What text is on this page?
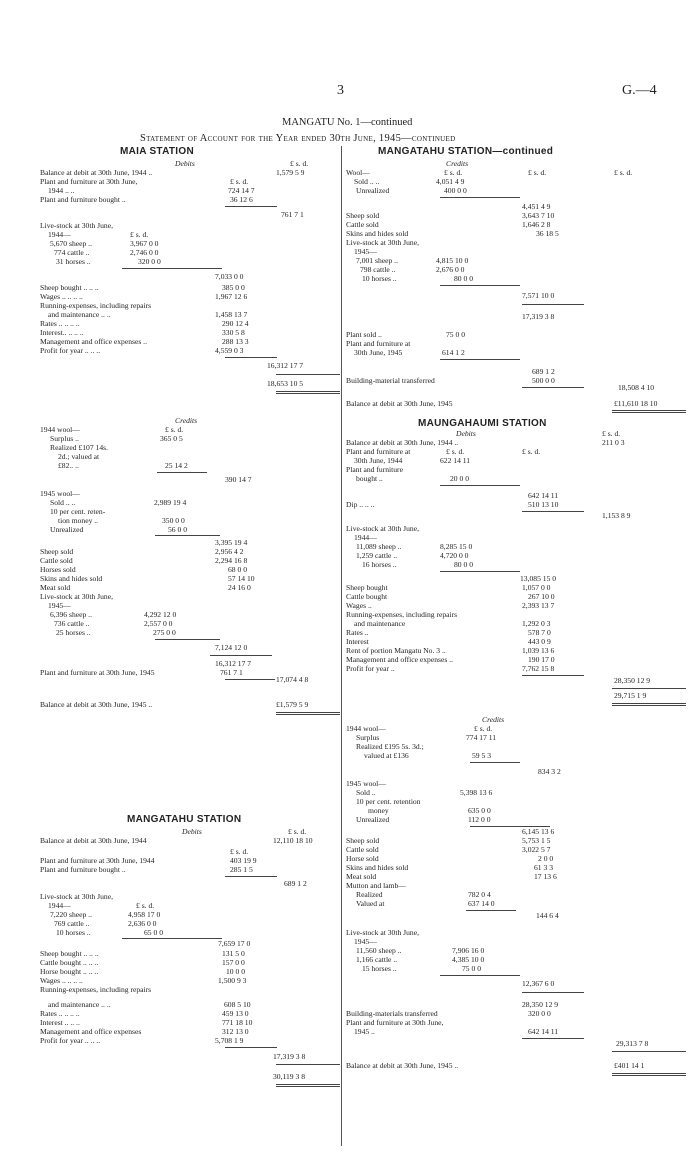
3	G.—4
MANGATU No. 1—continued
Statement of Account for the Year ended 30th June, 1945—continued
MAIA STATION	MANGATAHU STATION—continued
MAUNGAHAUMI STATION
MANGATAHU STATION
Debits	£ s. d.
Balance at debit at 30th June, 1944 ..	1,579 5 9
Plant and furniture at 30th June,	£ s. d.
1944 .. ..	724 14 7
Plant and furniture bought ..	36 12 6
761 7 1
Live-stock at 30th June,
1944—	£ s. d.
5,670 sheep ..	3,967 0 0
774 cattle ..	2,746 0 0
31 horses ..	320 0 0
7,033 0 0
Sheep bought .. .. ..	385 0 0
Wages .. .. .. ..	1,967 12 6
Running-expenses, including repairs
and maintenance .. ..	1,458 13 7
Rates .. .. .. ..	290 12 4
Interest.. .. .. ..	330 5 8
Management and office expenses ..	288 13 3
Profit for year .. .. ..	4,559 0 3
16,312 17 7
18,653 10 5
Credits
1944 wool—	£ s. d.
Surplus ..	365 0 5
Realized £107 14s.
2d.; valued at
£82.. ..	25 14 2
390 14 7
1945 wool—
Sold .. ..	2,989 19 4
10 per cent. reten-
tion money ..	350 0 0
Unrealized	56 0 0
3,395 19 4
Sheep sold	2,956 4 2
Cattle sold	2,294 16 8
Horses sold	68 0 0
Skins and hides sold	57 14 10
Meat sold	24 16 0
Live-stock at 30th June,
1945—
6,396 sheep ..	4,292 12 0
736 cattle ..	2,557 0 0
25 horses ..	275 0 0
7,124 12 0
16,312 17 7
Plant and furniture at 30th June, 1945	761 7 1
17,074 4 8
Balance at debit at 30th June, 1945 ..	£1,579 5 9
Debits	£ s. d.
Balance at debit at 30th June, 1944	12,110 18 10
£ s. d.
Plant and furniture at 30th June, 1944	403 19 9
Plant and furniture bought ..	285 1 5
689 1 2
Live-stock at 30th June,
1944—	£ s. d.
7,220 sheep ..	4,958 17 0
769 cattle ..	2,636 0 0
10 horses ..	65 0 0
7,659 17 0
Sheep bought .. .. ..	131 5 0
Cattle bought .. .. ..	157 0 0
Horse bought .. .. ..	10 0 0
Wages .. .. .. ..	1,500 9 3
Running-expenses, including repairs
and maintenance .. ..	608 5 10
Rates .. .. .. ..	459 13 0
Interest .. .. ..	771 18 10
Management and office expenses	312 13 0
Profit for year .. .. ..	5,708 1 9
17,319 3 8
30,119 3 8
Credits
Wool—	£ s. d.	£ s. d.	£ s. d.
Sold .. ..	4,051 4 9
Unrealized	400 0 0
4,451 4 9
Sheep sold	3,643 7 10
Cattle sold	1,646 2 8
Skins and hides sold	36 18 5
Live-stock at 30th June,
1945—
7,001 sheep ..	4,815 10 0
798 cattle ..	2,676 0 0
10 horses ..	80 0 0
7,571 10 0
17,319 3 8
Plant sold ..	75 0 0
Plant and furniture at
30th June, 1945	614 1 2
689 1 2
Building-material transferred	500 0 0
18,508 4 10
Balance at debit at 30th June, 1945	£11,610 18 10
Debits	£ s. d.
Balance at debit at 30th June, 1944 ..	211 0 3
Plant and furniture at	£ s. d.	£ s. d.
30th June, 1944	622 14 11
Plant and furniture
bought ..	20 0 0
642 14 11
Dip .. .. ..	510 13 10
1,153 8 9
Live-stock at 30th June,
1944—
11,089 sheep ..	8,285 15 0
1,259 cattle ..	4,720 0 0
16 horses ..	80 0 0
13,085 15 0
Sheep bought	1,057 0 0
Cattle bought	267 10 0
Wages ..	2,393 13 7
Running-expenses, including repairs
and maintenance	1,292 0 3
Rates ..	578 7 0
Interest	443 0 9
Rent of portion Mangatu No. 3 ..	1,039 13 6
Management and office expenses ..	190 17 0
Profit for year ..	7,762 15 8
28,350 12 9
29,715 1 9
Credits
1944 wool—	£ s. d.
Surplus	774 17 11
Realized £195 5s. 3d.;
valued at £136	59 5 3
834 3 2
1945 wool—
Sold ..	5,398 13 6
10 per cent. retention
money	635 0 0
Unrealized	112 0 0
6,145 13 6
Sheep sold	5,753 1 5
Cattle sold	3,022 5 7
Horse sold	2 0 0
Skins and hides sold	61 3 3
Meat sold	17 13 6
Mutton and lamb—
Realized	782 0 4
Valued at	637 14 0
144 6 4
Live-stock at 30th June,
1945—
11,560 sheep ..	7,906 16 0
1,166 cattle ..	4,385 10 0
15 horses ..	75 0 0
12,367 6 0
28,350 12 9
Building-materials transferred	320 0 0
Plant and furniture at 30th June,
1945 ..	642 14 11
29,313 7 8
Balance at debit at 30th June, 1945 ..	£401 14 1
